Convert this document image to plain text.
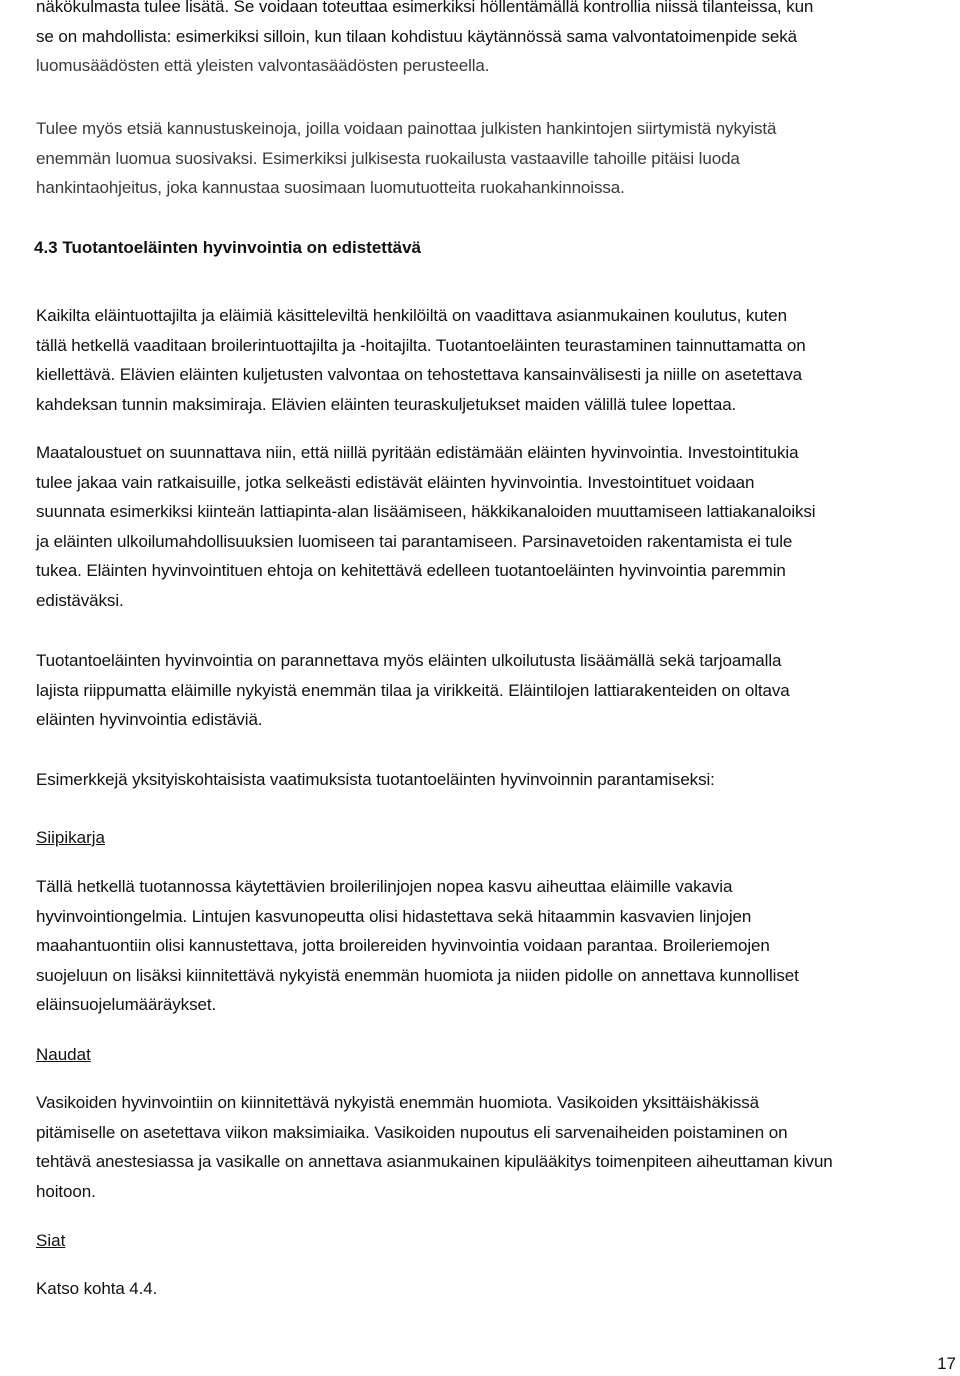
näkökulmasta tulee lisätä. Se voidaan toteuttaa esimerkiksi höllentämällä kontrollia niissä tilanteissa, kun

se on mahdollista: esimerkiksi silloin, kun tilaan kohdistuu käytännössä sama valvontatoimenpide sekä

luomusäädösten että yleisten valvontasäädösten perusteella.

Tulee myös etsiä kannustuskeinoja, joilla voidaan painottaa julkisten hankintojen siirtymistä nykyistä

enemmän luomua suosivaksi. Esimerkiksi julkisesta ruokailusta vastaaville tahoille pitäisi luoda

hankintaohjeitus, joka kannustaa suosimaan luomutuotteita ruokahankinnoissa.

4.3 Tuotantoeläinten hyvinvointia on edistettävä

Kaikilta eläintuottajilta ja eläimiä käsitteleviltä henkilöiltä on vaadittava asianmukainen koulutus, kuten

tällä hetkellä vaaditaan broilerintuottajilta ja -hoitajilta. Tuotantoeläinten teurastaminen tainnuttamatta on

kiellettävä. Elävien eläinten kuljetusten valvontaa on tehostettava kansainvälisesti ja niille on asetettava

kahdeksan tunnin maksimiraja. Elävien eläinten teuraskuljetukset maiden välillä tulee lopettaa.

Maataloustuet on suunnattava niin, että niillä pyritään edistämään eläinten hyvinvointia. Investointitukia

tulee jakaa vain ratkaisuille, jotka selkeästi edistävät eläinten hyvinvointia. Investointituet voidaan

suunnata esimerkiksi kiinteän lattiapinta-alan lisäämiseen, häkkikanaloiden muuttamiseen lattiakanaloiksi

ja eläinten ulkoilumahdollisuuksien luomiseen tai parantamiseen. Parsinavetoiden rakentamista ei tule

tukea. Eläinten hyvinvointituen ehtoja on kehitettävä edelleen tuotantoeläinten hyvinvointia paremmin

edistäväksi.

Tuotantoeläinten hyvinvointia on parannettava myös eläinten ulkoilutusta lisäämällä sekä tarjoamalla

lajista riippumatta eläimille nykyistä enemmän tilaa ja virikkeitä. Eläintilojen lattiarakenteiden on oltava

eläinten hyvinvointia edistäviä.

Esimerkkejä yksityiskohtaisista vaatimuksista tuotantoeläinten hyvinvoinnin parantamiseksi:

Siipikarja

Tällä hetkellä tuotannossa käytettävien broilerilinjojen nopea kasvu aiheuttaa eläimille vakavia

hyvinvointiongelmia. Lintujen kasvunopeutta olisi hidastettava sekä hitaammin kasvavien linjojen

maahantuontiin olisi kannustettava, jotta broilereiden hyvinvointia voidaan parantaa. Broileriemojen

suojeluun on lisäksi kiinnitettävä nykyistä enemmän huomiota ja niiden pidolle on annettava kunnolliset

eläinsuojelumääräykset.

Naudat

Vasikoiden hyvinvointiin on kiinnitettävä nykyistä enemmän huomiota. Vasikoiden yksittäishäkissä

pitämiselle on asetettava viikon maksimiaika. Vasikoiden nupoutus eli sarvenaiheiden poistaminen on

tehtävä anestesiassa ja vasikalle on annettava asianmukainen kipulääkitys toimenpiteen aiheuttaman kivun

hoitoon.

Siat

Katso kohta 4.4.

17
